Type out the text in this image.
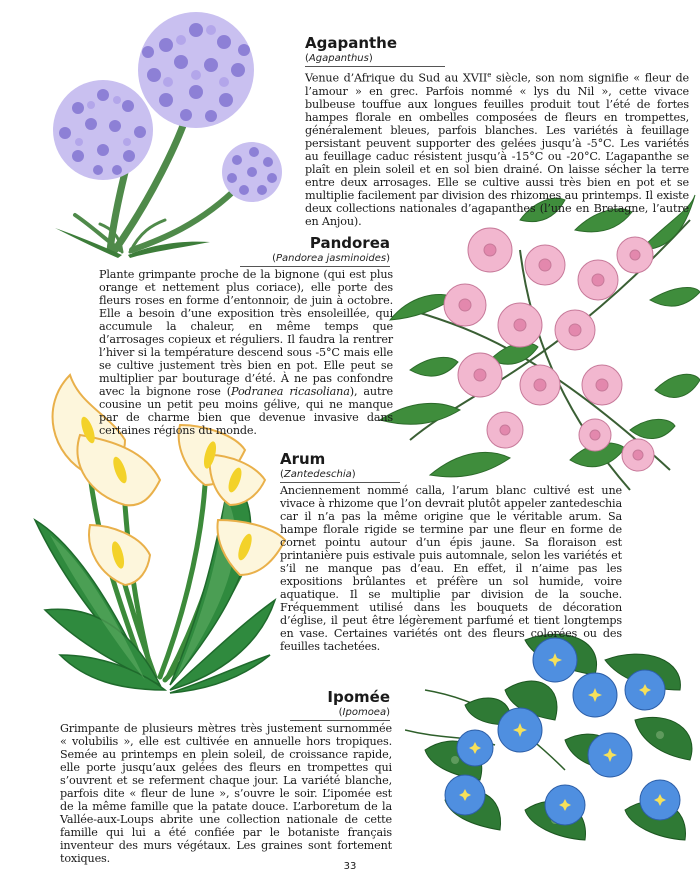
Agapanthe
( Agapanthus )

Venue d’Afrique du Sud au XVIIe siècle, son nom signifie « fleur de l’amour » en grec. Parfois nommé « lys du Nil », cette vivace bulbeuse touffue aux longues feuilles produit tout l’été de fortes hampes florale en ombelles composées de fleurs en trompettes, généralement bleues, parfois blanches. Les variétés à feuillage persistant peuvent supporter des gelées jusqu’à -5°C. Les variétés au feuillage caduc résistent jusqu’à -15°C ou -20°C. L’agapanthe se plaît en plein soleil et en sol bien drainé. On laisse sécher la terre entre deux arrosages. Elle se cultive aussi très bien en pot et se multiplie facilement par division des rhizomes au printemps. Il existe deux collections nationales d’agapanthes (l’une en Bretagne, l’autre en Anjou).

Pandorea
( Pandorea jasminoides )

Plante grimpante proche de la bignone (qui est plus orange et nettement plus coriace), elle porte des fleurs roses en forme d’entonnoir, de juin à octobre. Elle a besoin d’une exposition très ensoleillée, qui accumule la chaleur, en même temps que d’arrosages copieux et réguliers. Il faudra la rentrer l’hiver si la température descend sous -5°C mais elle se cultive justement très bien en pot. Elle peut se multiplier par bouturage d’été. À ne pas confondre avec la bignone rose (Podranea ricasoliana), autre cousine un petit peu moins gélive, qui ne manque par de charme bien que devenue invasive dans certaines régions du monde.

Arum
( Zantedeschia )

Anciennement nommé calla, l’arum blanc cultivé est une vivace à rhizome que l’on devrait plutôt appeler zantedeschia car il n’a pas la même origine que le véritable arum. Sa hampe florale rigide se termine par une fleur en forme de cornet pointu autour d’un épis jaune. Sa floraison est printanière puis estivale puis automnale, selon les variétés et s’il ne manque pas d’eau. En effet, il n’aime pas les expositions brûlantes et préfère un sol humide, voire aquatique. Il se multiplie par division de la souche. Fréquemment utilisé dans les bouquets de décoration d’église, il peut être légèrement parfumé et tient longtemps en vase. Certaines variétés ont des fleurs colorées ou des feuilles tachetées.

Ipomée
( Ipomoea )

Grimpante de plusieurs mètres très justement surnommée « volubilis », elle est cultivée en annuelle hors tropiques. Semée au printemps en plein soleil, de croissance rapide, elle porte jusqu’aux gelées des fleurs en trompettes qui s’ouvrent et se referment chaque jour. La variété blanche, parfois dite « fleur de lune », s’ouvre le soir. L’ipomée est de la même famille que la patate douce. L’arboretum de la Vallée-aux-Loups abrite une collection nationale de cette famille qui lui a été confiée par le botaniste français inventeur des murs végétaux. Les graines sont fortement toxiques.

33
